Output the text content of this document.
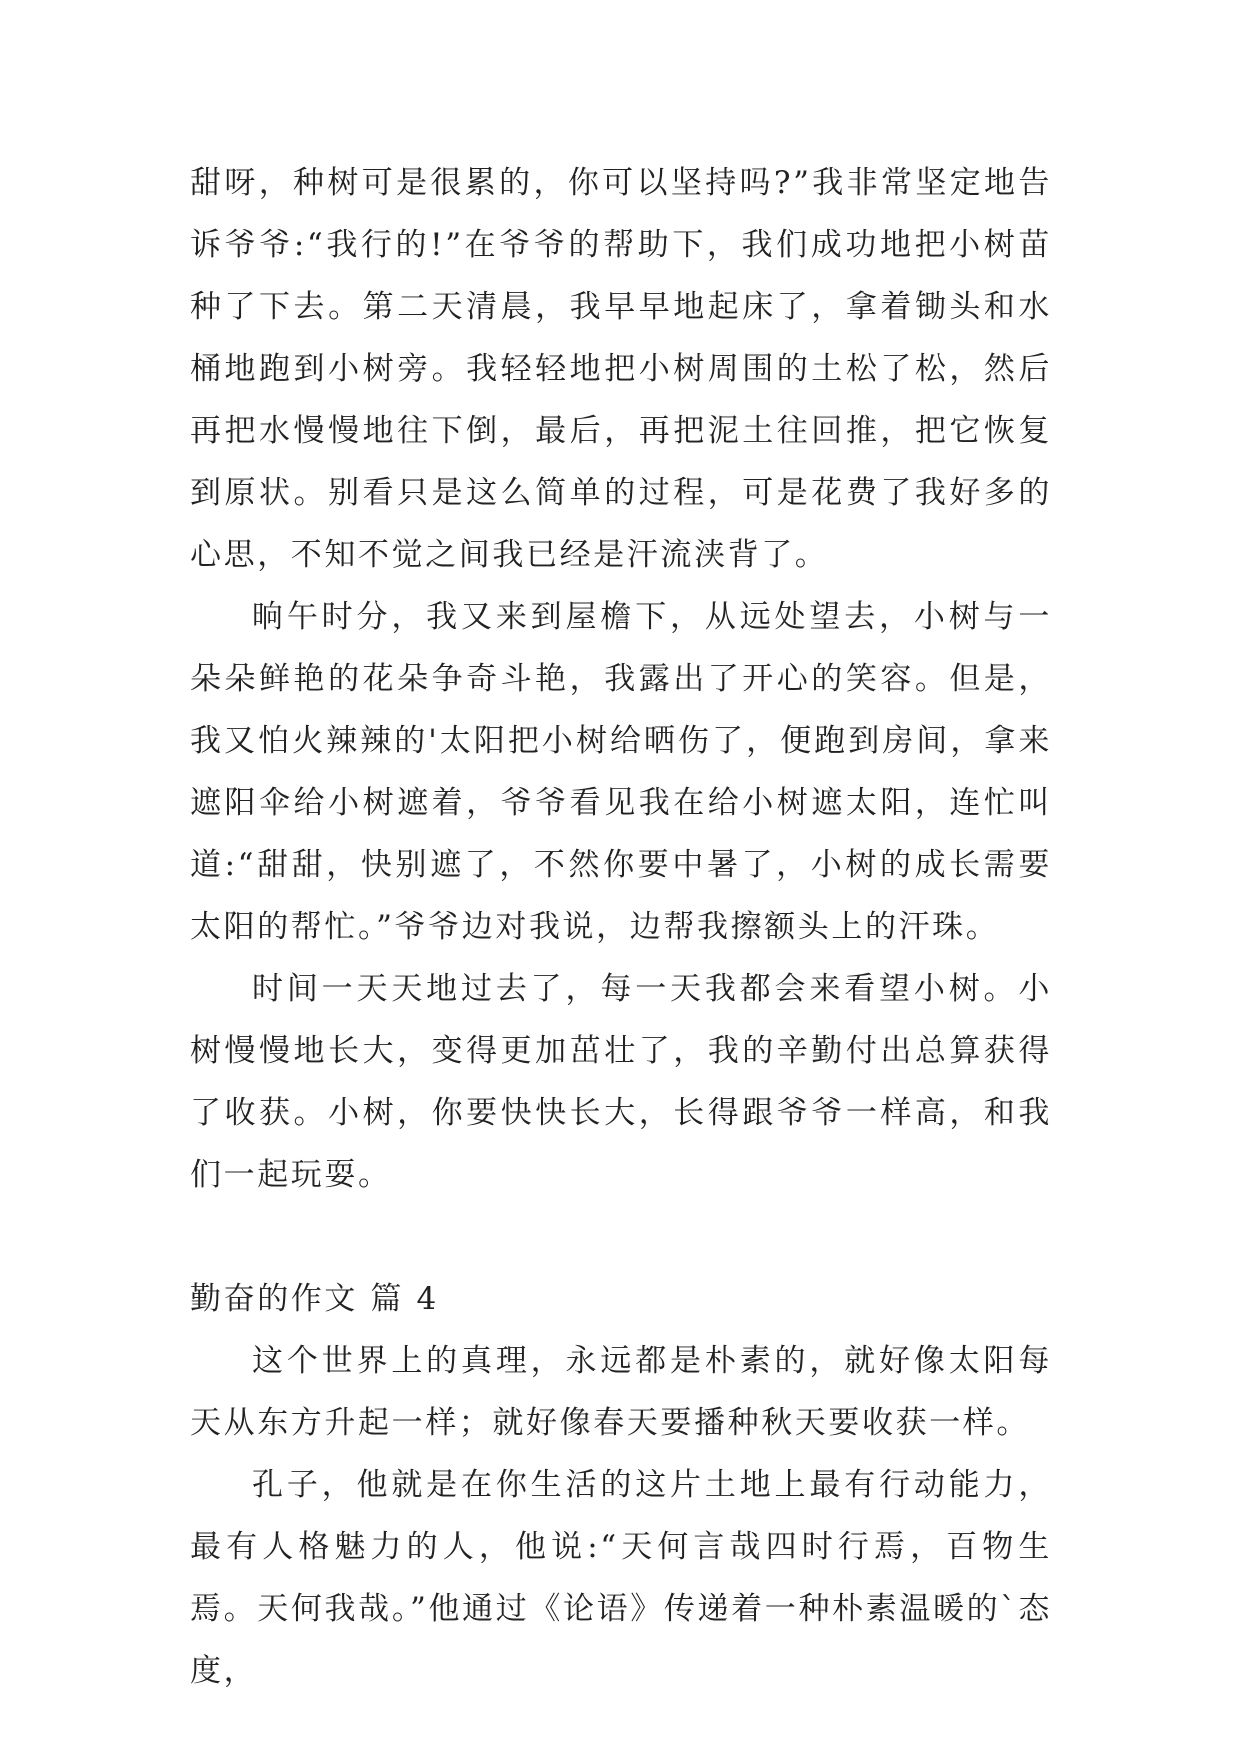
甜呀，种树可是很累的，你可以坚持吗?”我非常坚定地告诉爷爷:“我行的!”在爷爷的帮助下，我们成功地把小树苗种了下去。第二天清晨，我早早地起床了，拿着锄头和水桶地跑到小树旁。我轻轻地把小树周围的土松了松，然后再把水慢慢地往下倒，最后，再把泥土往回推，把它恢复到原状。别看只是这么简单的过程，可是花费了我好多的心思，不知不觉之间我已经是汗流浃背了。

晌午时分，我又来到屋檐下，从远处望去，小树与一朵朵鲜艳的花朵争奇斗艳，我露出了开心的笑容。但是，我又怕火辣辣的'太阳把小树给晒伤了，便跑到房间，拿来遮阳伞给小树遮着，爷爷看见我在给小树遮太阳，连忙叫道:“甜甜，快别遮了，不然你要中暑了，小树的成长需要太阳的帮忙。”爷爷边对我说，边帮我擦额头上的汗珠。

时间一天天地过去了，每一天我都会来看望小树。小树慢慢地长大，变得更加茁壮了，我的辛勤付出总算获得了收获。小树，你要快快长大，长得跟爷爷一样高，和我们一起玩耍。

勤奋的作文 篇 4

这个世界上的真理，永远都是朴素的，就好像太阳每天从东方升起一样；就好像春天要播种秋天要收获一样。

孔子，他就是在你生活的这片土地上最有行动能力，最有人格魅力的人，他说:“天何言哉四时行焉，百物生焉。天何我哉。”他通过《论语》传递着一种朴素温暖的`态度，
